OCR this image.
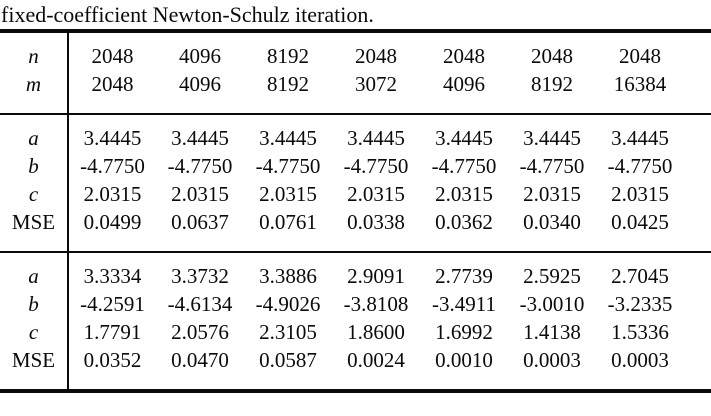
fixed-coefficient Newton-Schulz iteration.
n	2048	4096	8192	2048	2048	2048	2048
m	2048	4096	8192	3072	4096	8192	16384
a	3.4445	3.4445	3.4445	3.4445	3.4445	3.4445	3.4445
b	-4.7750	-4.7750	-4.7750	-4.7750	-4.7750	-4.7750	-4.7750
c	2.0315	2.0315	2.0315	2.0315	2.0315	2.0315	2.0315
MSE	0.0499	0.0637	0.0761	0.0338	0.0362	0.0340	0.0425
a	3.3334	3.3732	3.3886	2.9091	2.7739	2.5925	2.7045
b	-4.2591	-4.6134	-4.9026	-3.8108	-3.4911	-3.0010	-3.2335
c	1.7791	2.0576	2.3105	1.8600	1.6992	1.4138	1.5336
MSE	0.0352	0.0470	0.0587	0.0024	0.0010	0.0003	0.0003
